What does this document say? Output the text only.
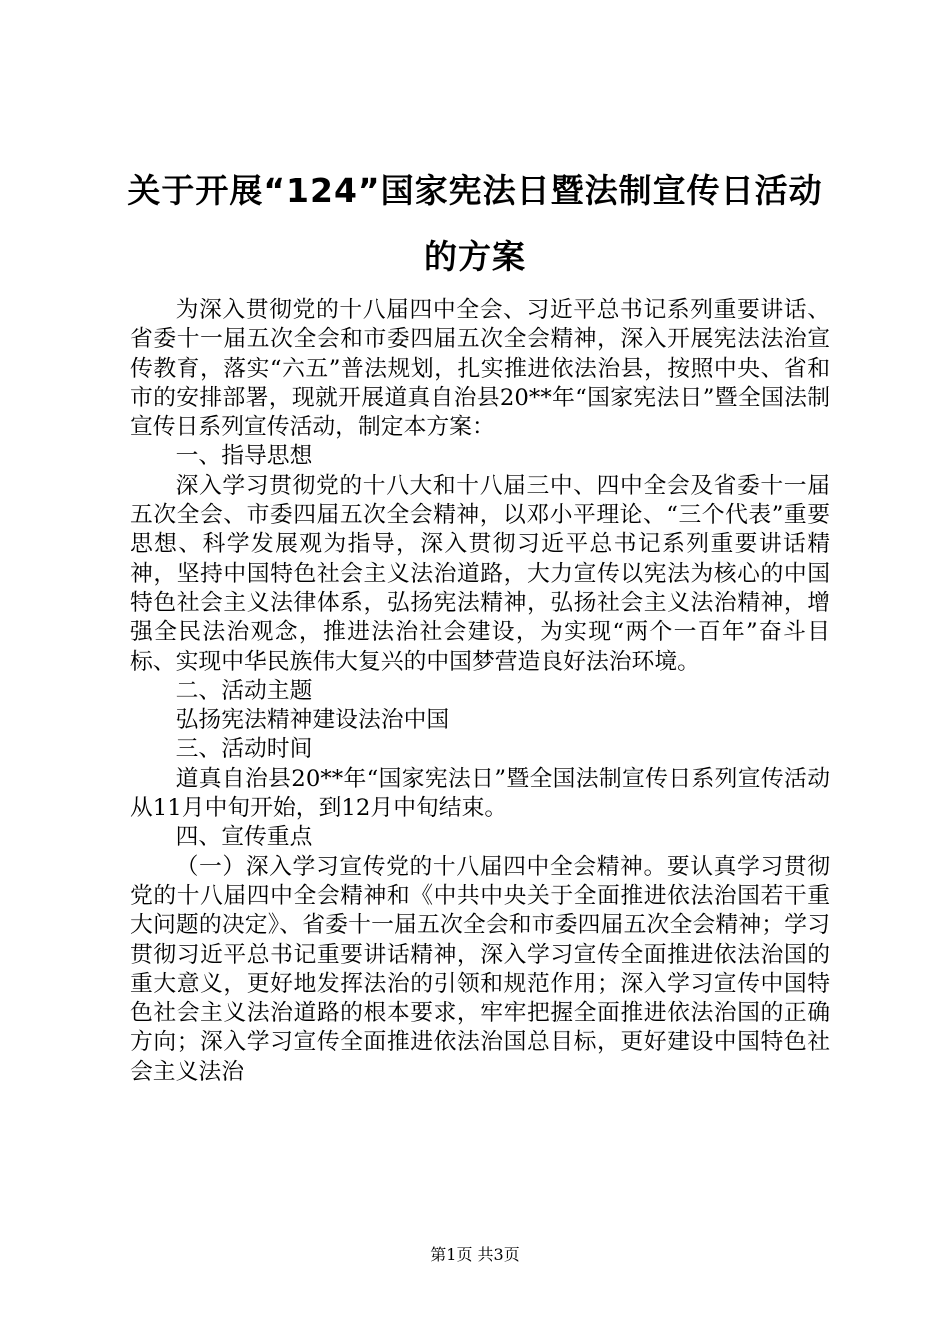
关于开展“124”国家宪法日暨法制宣传日活动的方案

为深入贯彻党的十八届四中全会、习近平总书记系列重要讲话、省委十一届五次全会和市委四届五次全会精神，深入开展宪法法治宣传教育，落实“六五”普法规划，扎实推进依法治县，按照中央、省和市的安排部署，现就开展道真自治县20**年“国家宪法日”暨全国法制宣传日系列宣传活动，制定本方案：

一、指导思想

深入学习贯彻党的十八大和十八届三中、四中全会及省委十一届五次全会、市委四届五次全会精神，以邓小平理论、“三个代表”重要思想、科学发展观为指导，深入贯彻习近平总书记系列重要讲话精神，坚持中国特色社会主义法治道路，大力宣传以宪法为核心的中国特色社会主义法律体系，弘扬宪法精神，弘扬社会主义法治精神，增强全民法治观念，推进法治社会建设，为实现“两个一百年”奋斗目标、实现中华民族伟大复兴的中国梦营造良好法治环境。

二、活动主题

弘扬宪法精神建设法治中国

三、活动时间

道真自治县20**年“国家宪法日”暨全国法制宣传日系列宣传活动从11月中旬开始，到12月中旬结束。

四、宣传重点

（一）深入学习宣传党的十八届四中全会精神。要认真学习贯彻党的十八届四中全会精神和《中共中央关于全面推进依法治国若干重大问题的决定》、省委十一届五次全会和市委四届五次全会精神；学习贯彻习近平总书记重要讲话精神，深入学习宣传全面推进依法治国的重大意义，更好地发挥法治的引领和规范作用；深入学习宣传中国特色社会主义法治道路的根本要求，牢牢把握全面推进依法治国的正确方向；深入学习宣传全面推进依法治国总目标，更好建设中国特色社会主义法治

第1页 共3页
